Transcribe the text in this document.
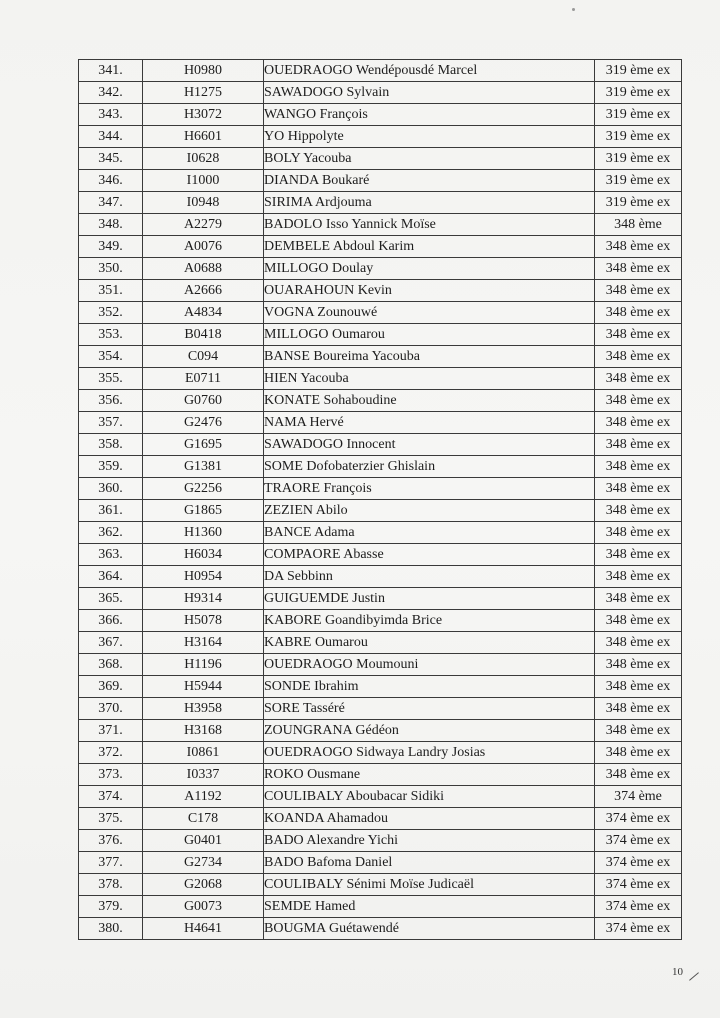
341.	H0980	OUEDRAOGO Wendépousdé Marcel	319 ème ex
342.	H1275	SAWADOGO Sylvain	319 ème ex
343.	H3072	WANGO François	319 ème ex
344.	H6601	YO Hippolyte	319 ème ex
345.	I0628	BOLY Yacouba	319 ème ex
346.	I1000	DIANDA Boukaré	319 ème ex
347.	I0948	SIRIMA Ardjouma	319 ème ex
348.	A2279	BADOLO Isso Yannick Moïse	348 ème
349.	A0076	DEMBELE Abdoul Karim	348 ème ex
350.	A0688	MILLOGO Doulay	348 ème ex
351.	A2666	OUARAHOUN Kevin	348 ème ex
352.	A4834	VOGNA Zounouwé	348 ème ex
353.	B0418	MILLOGO Oumarou	348 ème ex
354.	C094	BANSE Boureima Yacouba	348 ème ex
355.	E0711	HIEN Yacouba	348 ème ex
356.	G0760	KONATE Sohaboudine	348 ème ex
357.	G2476	NAMA Hervé	348 ème ex
358.	G1695	SAWADOGO Innocent	348 ème ex
359.	G1381	SOME Dofobaterzier Ghislain	348 ème ex
360.	G2256	TRAORE François	348 ème ex
361.	G1865	ZEZIEN Abilo	348 ème ex
362.	H1360	BANCE Adama	348 ème ex
363.	H6034	COMPAORE Abasse	348 ème ex
364.	H0954	DA Sebbinn	348 ème ex
365.	H9314	GUIGUEMDE Justin	348 ème ex
366.	H5078	KABORE Goandibyimda Brice	348 ème ex
367.	H3164	KABRE Oumarou	348 ème ex
368.	H1196	OUEDRAOGO Moumouni	348 ème ex
369.	H5944	SONDE Ibrahim	348 ème ex
370.	H3958	SORE Tasséré	348 ème ex
371.	H3168	ZOUNGRANA Gédéon	348 ème ex
372.	I0861	OUEDRAOGO Sidwaya Landry Josias	348 ème ex
373.	I0337	ROKO Ousmane	348 ème ex
374.	A1192	COULIBALY Aboubacar Sidiki	374 ème
375.	C178	KOANDA Ahamadou	374 ème ex
376.	G0401	BADO Alexandre Yichi	374 ème ex
377.	G2734	BADO Bafoma Daniel	374 ème ex
378.	G2068	COULIBALY Sénimi Moïse Judicaël	374 ème ex
379.	G0073	SEMDE Hamed	374 ème ex
380.	H4641	BOUGMA Guétawendé	374 ème ex
10
